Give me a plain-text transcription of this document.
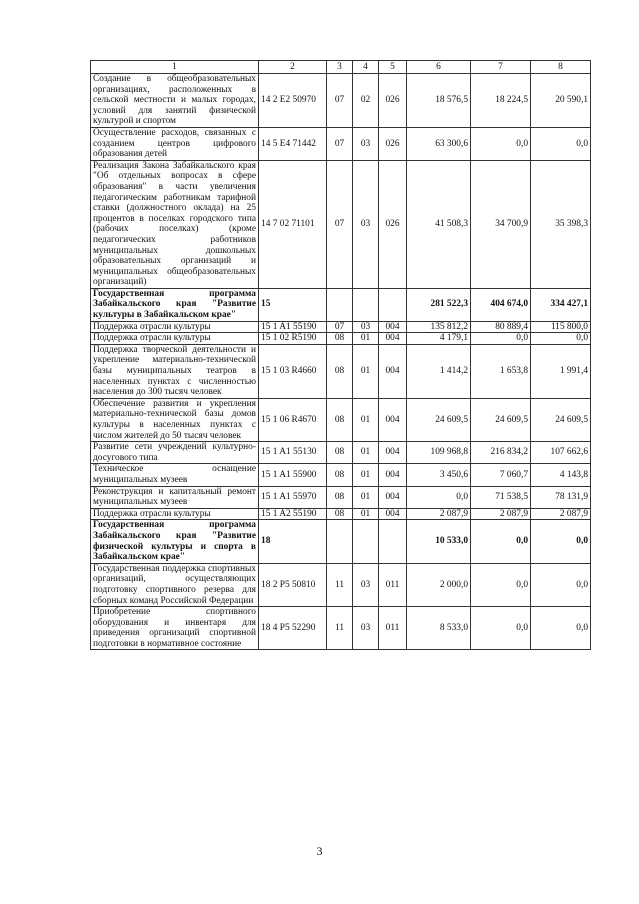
1	2	3	4	5	6	7	8
Создание в общеобразовательных организациях, расположенных в сельской местности и малых городах, условий для занятий физической культурой и спортом	14 2 E2 50970	07	02	026	18 576,5	18 224,5	20 590,1
Осуществление расходов, связанных с созданием центров цифрового образования детей	14 5 E4 71442	07	03	026	63 300,6	0,0	0,0
Реализация Закона Забайкальского края "Об отдельных вопросах в сфере образования" в части увеличения педагогическим работникам тарифной ставки (должностного оклада) на 25 процентов в поселках городского типа (рабочих поселках) (кроме педагогических работников муниципальных дошкольных образовательных организаций и муниципальных общеобразовательных организаций)	14 7 02 71101	07	03	026	41 508,3	34 700,9	35 398,3
Государственная программа Забайкальского края "Развитие культуры в Забайкальском крае"	15				281 522,3	404 674,0	334 427,1
Поддержка отрасли культуры	15 1 A1 55190	07	03	004	135 812,2	80 889,4	115 800,0
Поддержка отрасли культуры	15 1 02 R5190	08	01	004	4 179,1	0,0	0,0
Поддержка творческой деятельности и укрепление материально-технической базы муниципальных театров в населенных пунктах с численностью населения до 300 тысяч человек	15 1 03 R4660	08	01	004	1 414,2	1 653,8	1 991,4
Обеспечение развития и укрепления материально-технической базы домов культуры в населенных пунктах с числом жителей до 50 тысяч человек	15 1 06 R4670	08	01	004	24 609,5	24 609,5	24 609,5
Развитие сети учреждений культурно-досугового типа	15 1 A1 55130	08	01	004	109 968,8	216 834,2	107 662,6
Техническое оснащение муниципальных музеев	15 1 A1 55900	08	01	004	3 450,6	7 060,7	4 143,8
Реконструкция и капитальный ремонт муниципальных музеев	15 1 A1 55970	08	01	004	0,0	71 538,5	78 131,9
Поддержка отрасли культуры	15 1 A2 55190	08	01	004	2 087,9	2 087,9	2 087,9
Государственная программа Забайкальского края "Развитие физической культуры и спорта в Забайкальском крае"	18				10 533,0	0,0	0,0
Государственная поддержка спортивных организаций, осуществляющих подготовку спортивного резерва для сборных команд Российской Федерации	18 2 P5 50810	11	03	011	2 000,0	0,0	0,0
Приобретение спортивного оборудования и инвентаря для приведения организаций спортивной подготовки в нормативное состояние	18 4 P5 52290	11	03	011	8 533,0	0,0	0,0
3
